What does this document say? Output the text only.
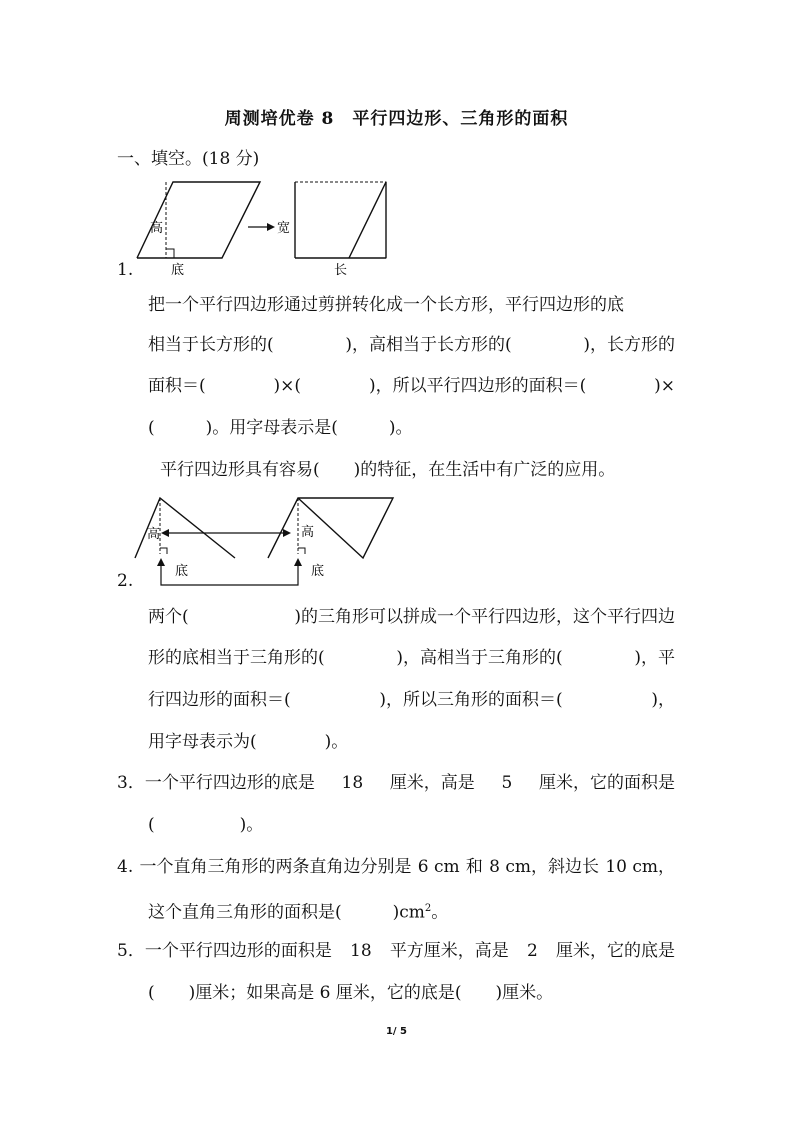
周测培优卷 8　平行四边形、三角形的面积
一、填空。(18 分)
高
底
宽
长
1.
把一个平行四边形通过剪拼转化成一个长方形，平行四边形的底
相当于长方形的(	)，高相当于长方形的(	)，长方形的
面积＝(	)×(	)，所以平行四边形的面积＝(	)×
(　　　)。用字母表示是(　　　)。
平行四边形具有容易(　　)的特征，在生活中有广泛的应用。
高
底
高
底
2.
两个(	)的三角形可以拼成一个平行四边形，这个平行四边
形的底相当于三角形的(	)，高相当于三角形的(	)，平
行四边形的面积＝(	)，所以三角形的面积＝(	)，
用字母表示为(　　　　)。
3．一个平行四边形的底是 18 厘米，高是 5 厘米，它的面积是
(　　　　　)。
4. 一个直角三角形的两条直角边分别是 6 cm 和 8 cm，斜边长 10 cm，
这个直角三角形的面积是(　　　)$cm^2$。
5．一个平行四边形的面积是 18 平方厘米，高是 2 厘米，它的底是
(　　)厘米；如果高是 6 厘米，它的底是(　　)厘米。
1/ 5
